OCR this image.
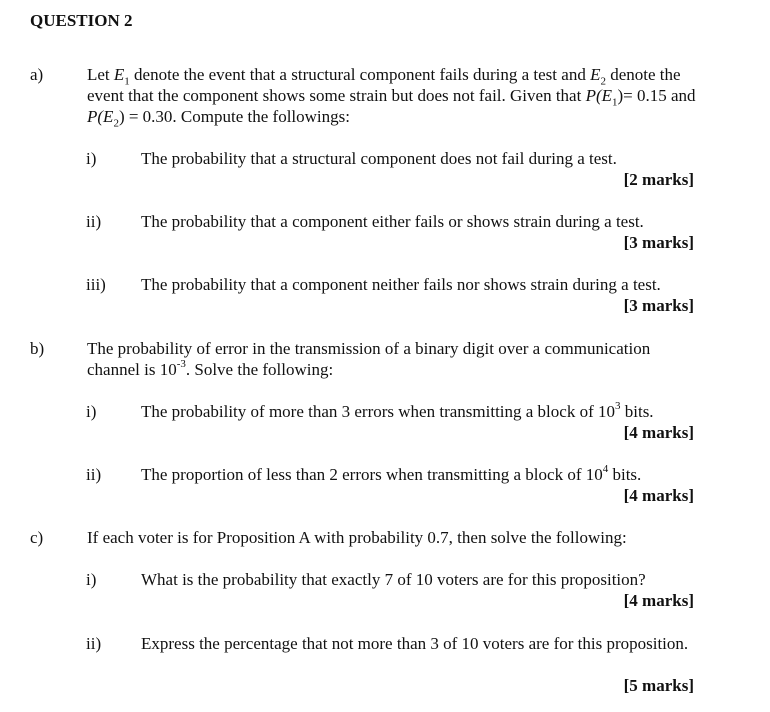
QUESTION 2
a)	Let $E_1$ denote the event that a structural component fails during a test and $E_2$ denote the event that the component shows some strain but does not fail. Given that $P(E_1)= 0.15$ and $P(E_2) = 0.30$. Compute the followings:
i)	The probability that a structural component does not fail during a test.
[2 marks]
ii) The probability that a component either fails or shows strain during a test.
[3 marks]
iii) The probability that a component neither fails nor shows strain during a test.
[3 marks]
b)	The probability of error in the transmission of a binary digit over a communication channel is $10^{-3}$. Solve the following:
i)	The probability of more than 3 errors when transmitting a block of $10^3$ bits.
[4 marks]
ii) The proportion of less than 2 errors when transmitting a block of $10^4$ bits.
[4 marks]
c)	If each voter is for Proposition A with probability 0.7, then solve the following:
i)	What is the probability that exactly 7 of 10 voters are for this proposition?
[4 marks]
ii) Express the percentage that not more than 3 of 10 voters are for this proposition.
[5 marks]
